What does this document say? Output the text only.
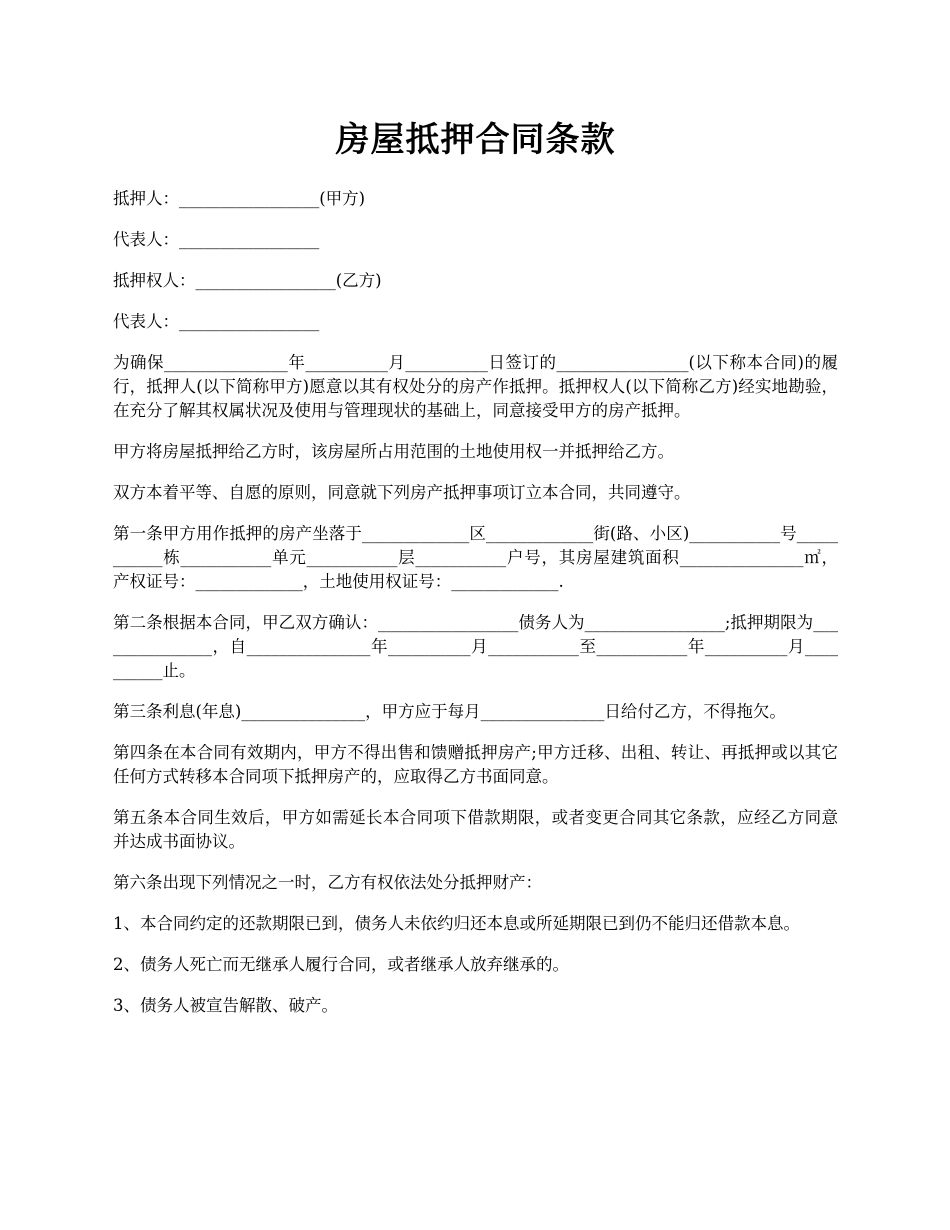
房屋抵押合同条款
抵押人：_________________(甲方)
代表人：_________________
抵押权人：_________________(乙方)
代表人：_________________
为确保_______________年__________月__________日签订的________________(以下称本合同)的履行，抵押人(以下简称甲方)愿意以其有权处分的房产作抵押。抵押权人(以下简称乙方)经实地勘验，在充分了解其权属状况及使用与管理现状的基础上，同意接受甲方的房产抵押。
甲方将房屋抵押给乙方时，该房屋所占用范围的土地使用权一并抵押给乙方。
双方本着平等、自愿的原则，同意就下列房产抵押事项订立本合同，共同遵守。
第一条甲方用作抵押的房产坐落于_____________区_____________街(路、小区)___________号___________栋___________单元___________层___________户号，其房屋建筑面积_______________㎡，产权证号：_____________，土地使用权证号：_____________.
第二条根据本合同，甲乙双方确认：_________________债务人为_________________;抵押期限为_______________，自_______________年__________月___________至___________年__________月__________止。
第三条利息(年息)_______________，甲方应于每月_______________日给付乙方，不得拖欠。
第四条在本合同有效期内，甲方不得出售和馈赠抵押房产;甲方迁移、出租、转让、再抵押或以其它任何方式转移本合同项下抵押房产的，应取得乙方书面同意。
第五条本合同生效后，甲方如需延长本合同项下借款期限，或者变更合同其它条款，应经乙方同意并达成书面协议。
第六条出现下列情况之一时，乙方有权依法处分抵押财产：
1、本合同约定的还款期限已到，债务人未依约归还本息或所延期限已到仍不能归还借款本息。
2、债务人死亡而无继承人履行合同，或者继承人放弃继承的。
3、债务人被宣告解散、破产。
